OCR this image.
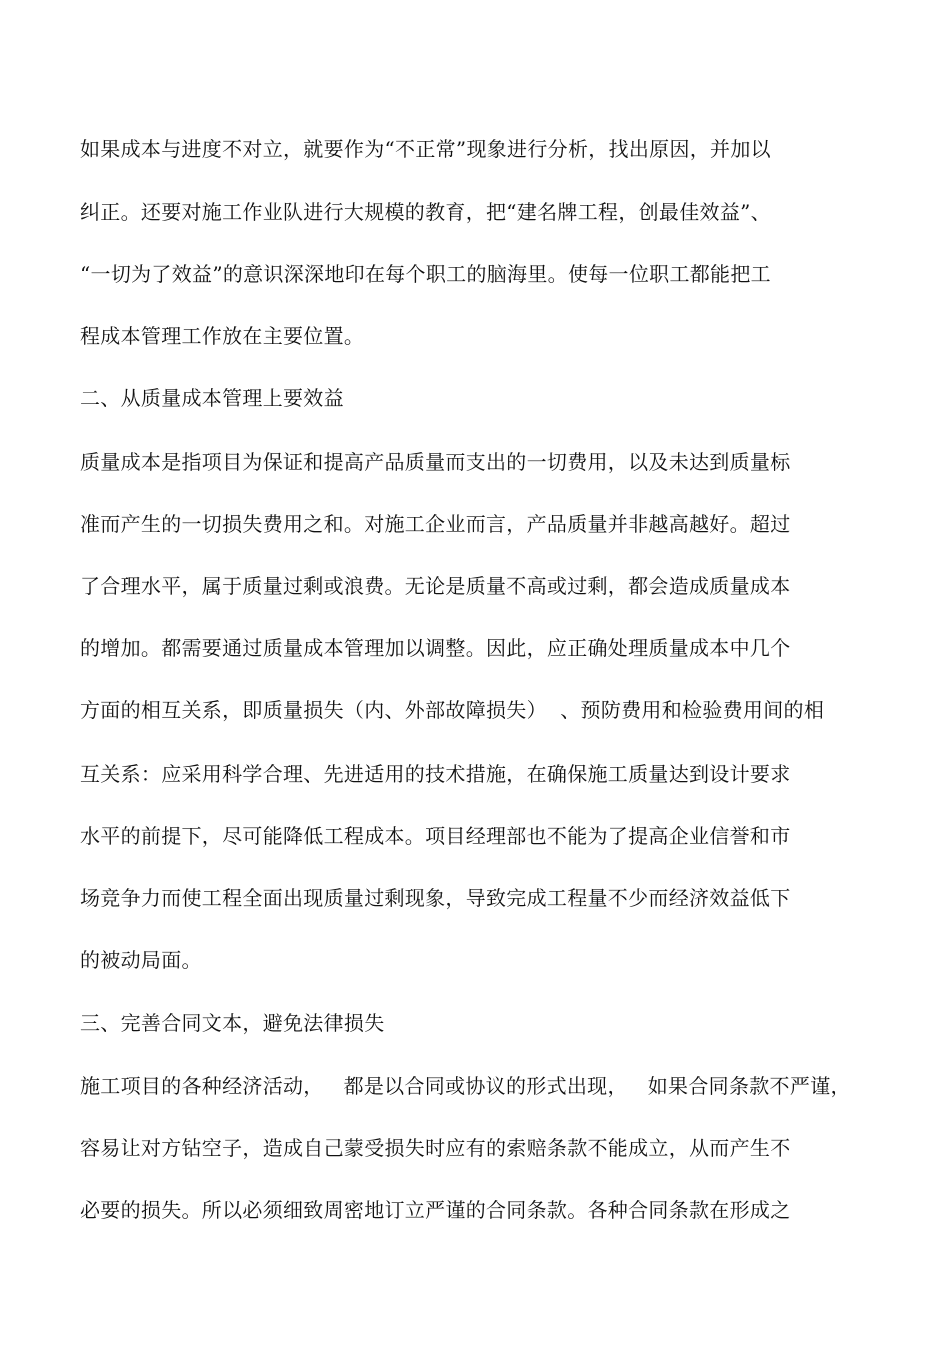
如果成本与进度不对立，就要作为“不正常”现象进行分析，找出原因，并加以
纠正。还要对施工作业队进行大规模的教育，把“建名牌工程，创最佳效益”、
“一切为了效益”的意识深深地印在每个职工的脑海里。使每一位职工都能把工
程成本管理工作放在主要位置。
二、从质量成本管理上要效益
质量成本是指项目为保证和提高产品质量而支出的一切费用，以及未达到质量标
准而产生的一切损失费用之和。对施工企业而言，产品质量并非越高越好。超过
了合理水平，属于质量过剩或浪费。无论是质量不高或过剩，都会造成质量成本
的增加。都需要通过质量成本管理加以调整。因此，应正确处理质量成本中几个
方面的相互关系，即质量损失（内、外部故障损失）  、预防费用和检验费用间的相
互关系：应采用科学合理、先进适用的技术措施，在确保施工质量达到设计要求
水平的前提下，尽可能降低工程成本。项目经理部也不能为了提高企业信誉和市
场竞争力而使工程全面出现质量过剩现象，导致完成工程量不少而经济效益低下
的被动局面。
三、完善合同文本，避免法律损失
施工项目的各种经济活动，   都是以合同或协议的形式出现，   如果合同条款不严谨，
容易让对方钻空子，造成自己蒙受损失时应有的索赔条款不能成立，从而产生不
必要的损失。所以必须细致周密地订立严谨的合同条款。各种合同条款在形成之
